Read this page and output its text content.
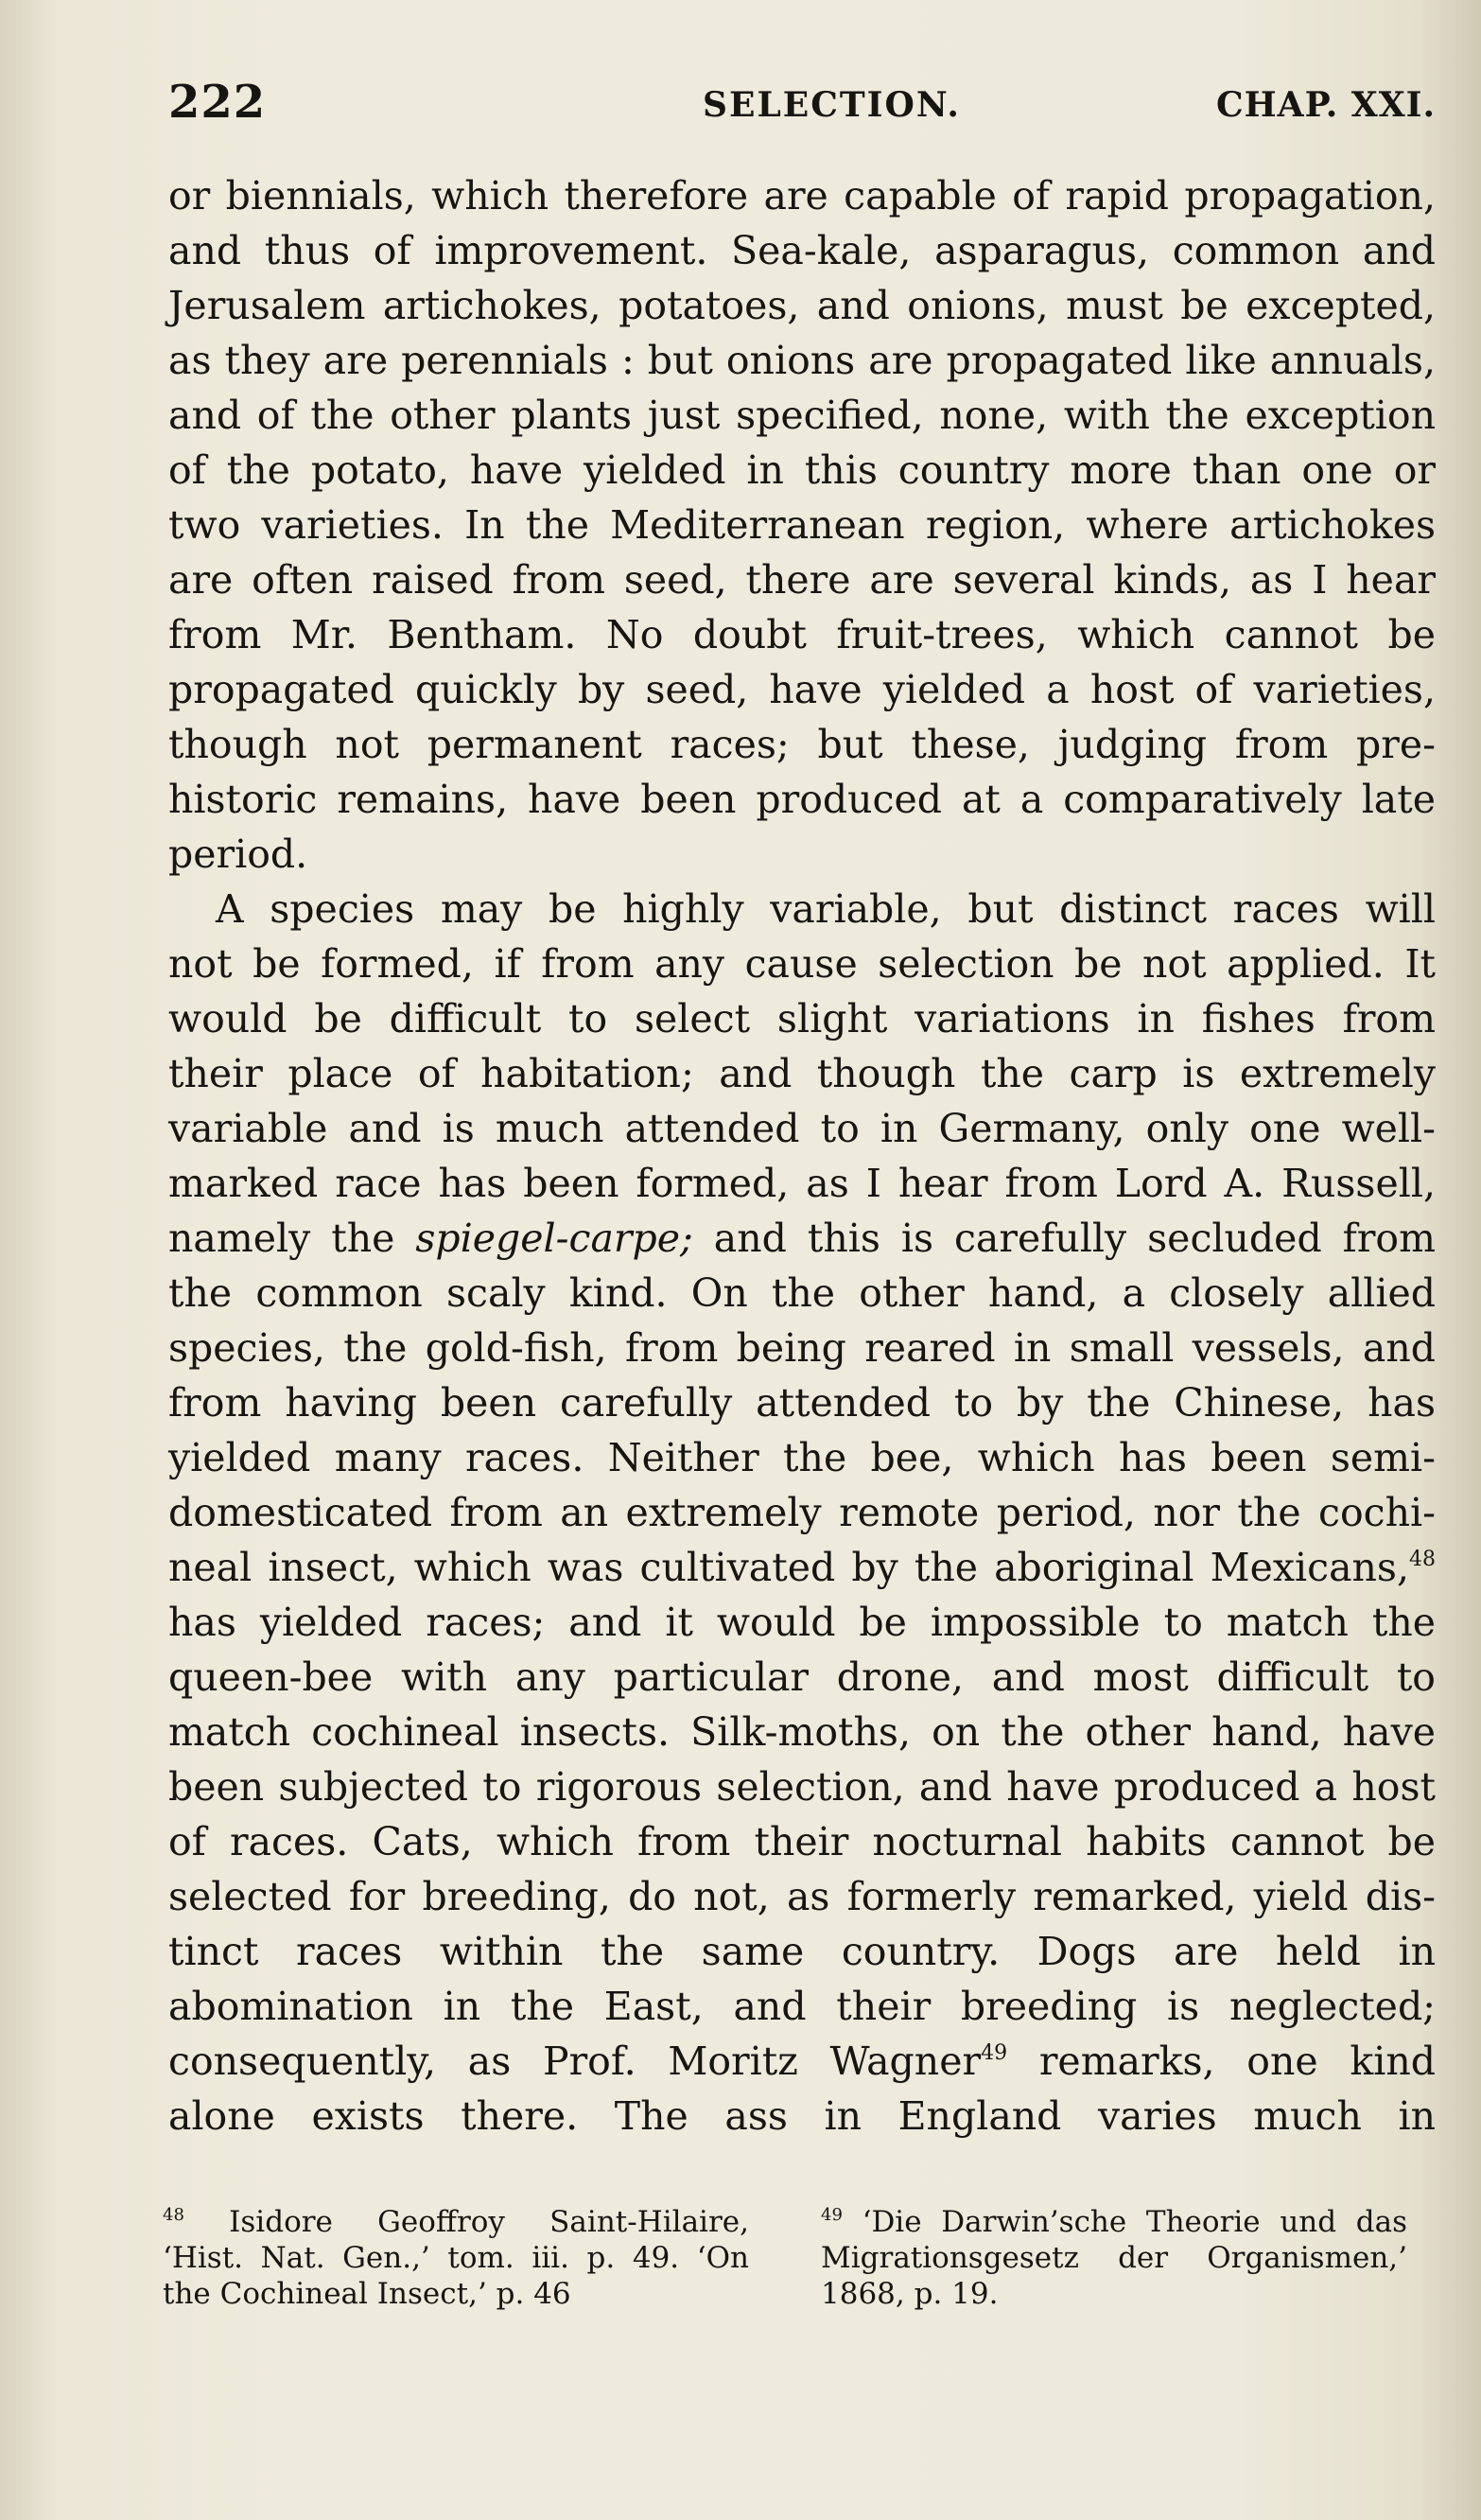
222	SELECTION.	CHAP. XXI.
or biennials, which therefore are capable of rapid propagation,
and thus of improvement. Sea-kale, asparagus, common and
Jerusalem artichokes, potatoes, and onions, must be excepted,
as they are perennials : but onions are propagated like annuals,
and of the other plants just specified, none, with the exception
of the potato, have yielded in this country more than one or
two varieties. In the Mediterranean region, where artichokes
are often raised from seed, there are several kinds, as I hear
from Mr. Bentham. No doubt fruit-trees, which cannot be
propagated quickly by seed, have yielded a host of varieties,
though not permanent races; but these, judging from pre-
historic remains, have been produced at a comparatively late
period.
A species may be highly variable, but distinct races will
not be formed, if from any cause selection be not applied. It
would be difficult to select slight variations in fishes from
their place of habitation; and though the carp is extremely
variable and is much attended to in Germany, only one well-
marked race has been formed, as I hear from Lord A. Russell,
namely the spiegel-carpe; and this is carefully secluded from
the common scaly kind. On the other hand, a closely allied
species, the gold-fish, from being reared in small vessels, and
from having been carefully attended to by the Chinese, has
yielded many races. Neither the bee, which has been semi-
domesticated from an extremely remote period, nor the cochi-
neal insect, which was cultivated by the aboriginal Mexicans,$^{48}$
has yielded races; and it would be impossible to match the
queen-bee with any particular drone, and most difficult to
match cochineal insects. Silk-moths, on the other hand, have
been subjected to rigorous selection, and have produced a host
of races. Cats, which from their nocturnal habits cannot be
selected for breeding, do not, as formerly remarked, yield dis-
tinct races within the same country. Dogs are held in
abomination in the East, and their breeding is neglected;
consequently, as Prof. Moritz Wagner$^{49}$ remarks, one kind
alone exists there. The ass in England varies much in
$^{48}$ Isidore Geoffroy Saint-Hilaire,
‘Hist. Nat. Gen.,’ tom. iii. p. 49. ‘On
the Cochineal Insect,’ p. 46
$^{49}$ ‘Die Darwin’sche Theorie und das
Migrationsgesetz der Organismen,’
1868, p. 19.
